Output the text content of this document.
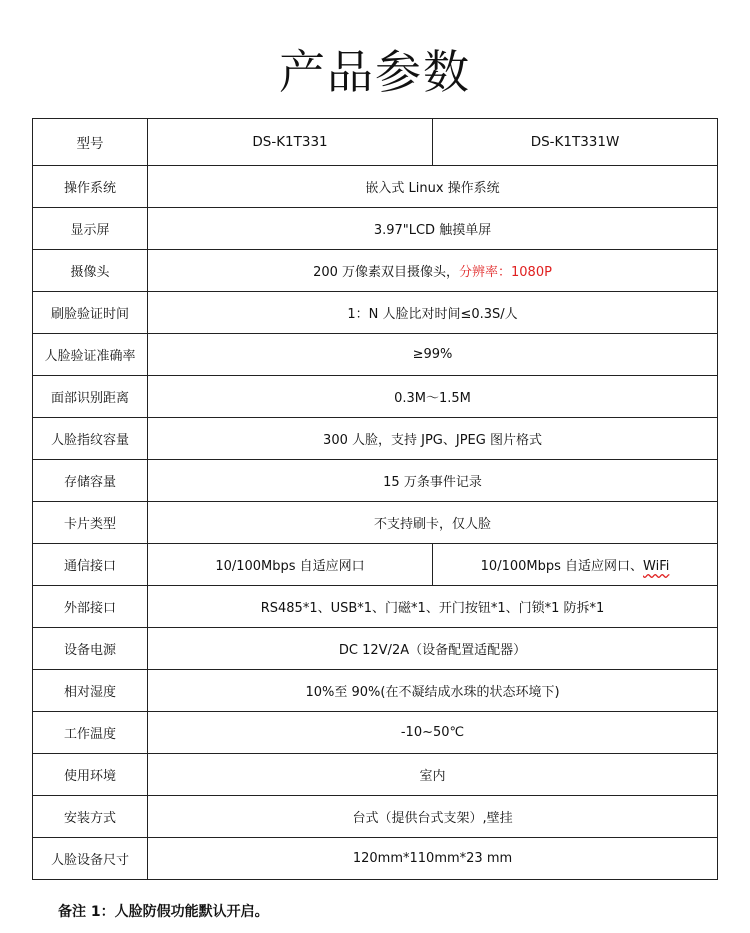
产品参数
型号	DS-K1T331	DS-K1T331W
操作系统	嵌入式 Linux 操作系统	
显示屏	3.97"LCD 触摸单屏	
摄像头	200 万像素双目摄像头，分辨率：1080P	
刷脸验证时间	1：N 人脸比对时间≤0.3S/人	
人脸验证准确率	≥99%	
面部识别距离	0.3M～1.5M	
人脸指纹容量	300 人脸，支持 JPG、JPEG 图片格式	
存储容量	15 万条事件记录	
卡片类型	不支持刷卡，仅人脸	
通信接口	10/100Mbps 自适应网口	10/100Mbps 自适应网口、WiFi
外部接口	RS485*1、USB*1、门磁*1、开门按钮*1、门锁*1 防拆*1	
设备电源	DC 12V/2A（设备配置适配器）	
相对湿度	10%至 90%(在不凝结成水珠的状态环境下)	
工作温度	-10~50℃	
使用环境	室内	
安装方式	台式（提供台式支架）,壁挂	
人脸设备尺寸	120mm*110mm*23 mm	
备注 1：人脸防假功能默认开启。
